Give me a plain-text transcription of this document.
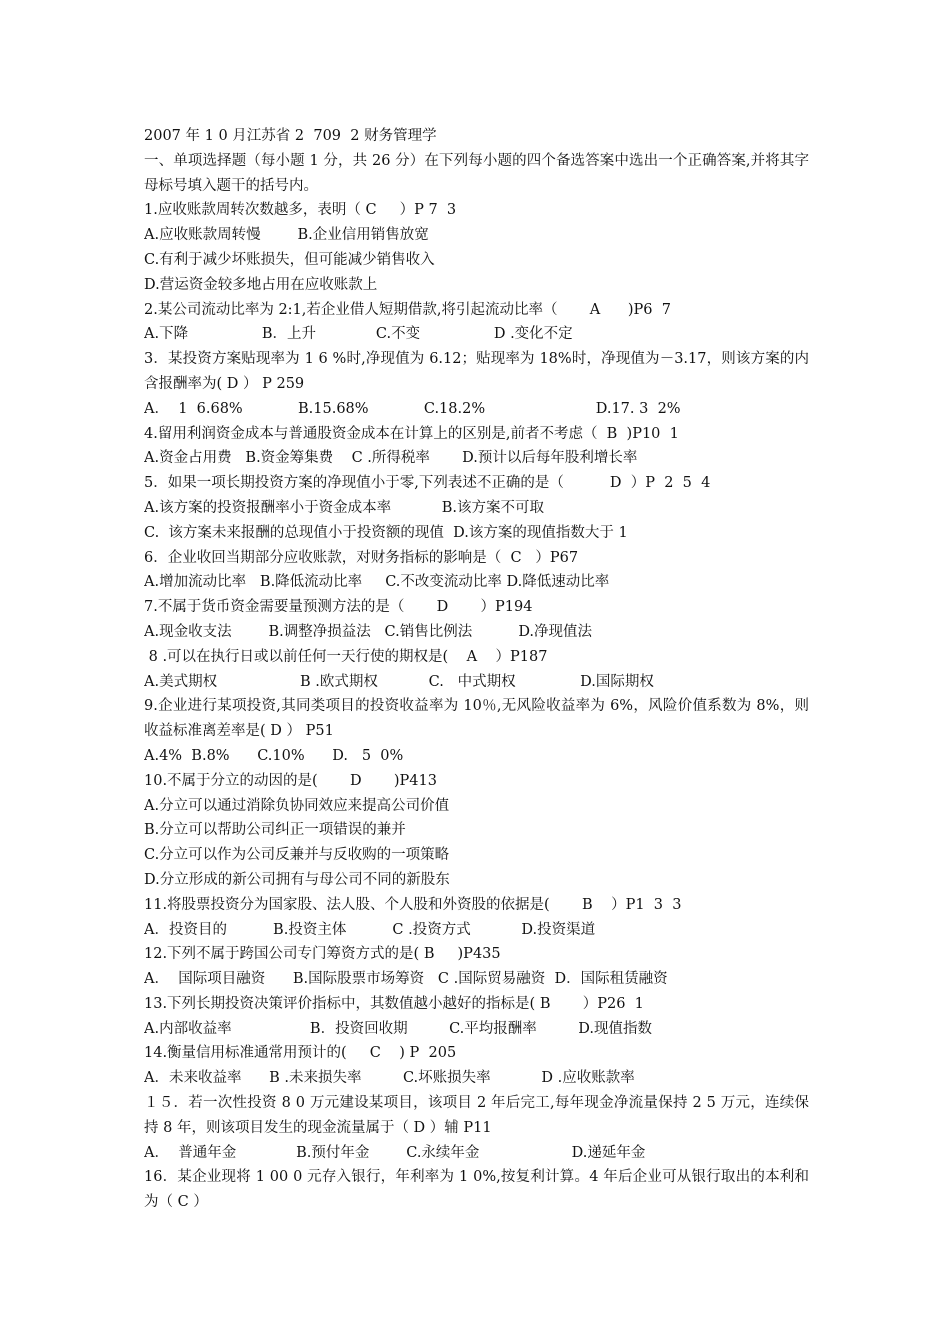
2007 年 1 0 月江苏省 2  709  2 财务管理学
一、单项选择题（每小题 1 分，共 26 分）在下列每小题的四个备选答案中选出一个正确答案,并将其字母标号填入题干的括号内。
1.应收账款周转次数越多，表明（ C     ）P 7  3
A.应收账款周转慢        B.企业信用销售放宽
C.有利于减少坏账损失，但可能减少销售收入
D.营运资金较多地占用在应收账款上
2.某公司流动比率为 2:1,若企业借人短期借款,将引起流动比率（       A      )P6  7
A.下降                B．上升             C.不变                D .变化不定
3．某投资方案贴现率为 1 6 %时,净现值为 6.12；贴现率为 18%时，净现值为－3.17，则该方案的内含报酬率为( D ） P 259
A．  1  6.68%            B.15.68%            C.18.2%                        D.17. 3  2%
4.留用利润资金成本与普通股资金成本在计算上的区别是,前者不考虑（  B  )P10  1
A.资金占用费   B.资金筹集费    C .所得税率       D.预计以后每年股利增长率
5．如果一项长期投资方案的净现值小于零,下列表述不正确的是（          D  ）P  2  5  4
A.该方案的投资报酬率小于资金成本率           B.该方案不可取
C.  该方案未来报酬的总现值小于投资额的现值  D.该方案的现值指数大于 1
6．企业收回当期部分应收账款，对财务指标的影响是（  C   ）P67
A.增加流动比率   B.降低流动比率     C.不改变流动比率 D.降低速动比率
7.不属于货币资金需要量预测方法的是（       D       ）P194
A.现金收支法        B.调整净损益法   C.销售比例法          D.净现值法
8 .可以在执行日或以前任何一天行使的期权是(    A    ）P187
A.美式期权                  B .欧式期权           C.   中式期权              D.国际期权
9.企业进行某项投资,其同类项目的投资收益率为 10％,无风险收益率为 6%，风险价值系数为 8%，则收益标准离差率是( D ） P51
A.4%  B.8%      C.10%      D.   5  0%
10.不属于分立的动因的是(       D       )P413
A.分立可以通过消除负协同效应来提高公司价值
B.分立可以帮助公司纠正一项错误的兼并
C.分立可以作为公司反兼并与反收购的一项策略
D.分立形成的新公司拥有与母公司不同的新股东
11.将股票投资分为国家股、法人股、个人股和外资股的依据是(       B    ）P1  3  3
A．投资目的          B.投资主体          C .投资方式           D.投资渠道
12.下列不属于跨国公司专门筹资方式的是( B     )P435
A．  国际项目融资      B.国际股票市场筹资   C .国际贸易融资  D．国际租赁融资
13.下列长期投资决策评价指标中，其数值越小越好的指标是( B       ）P26  1
A.内部收益率                 B．投资回收期         C.平均报酬率         D.现值指数
14.衡量信用标准通常用预计的(     C    ) P  205
A．未来收益率      B .未来损失率         C.坏账损失率           D .应收账款率
１５．若一次性投资 8 0 万元建设某项目，该项目 2 年后完工,每年现金净流量保持 2 5 万元，连续保持 8 年，则该项目发生的现金流量属于（ D ）辅 P11
A．  普通年金             B.预付年金        C.永续年金                    D.递延年金
16．某企业现将 1 00 0 元存入银行，年利率为 1 0%,按复利计算。4 年后企业可从银行取出的本利和为（ C ）
